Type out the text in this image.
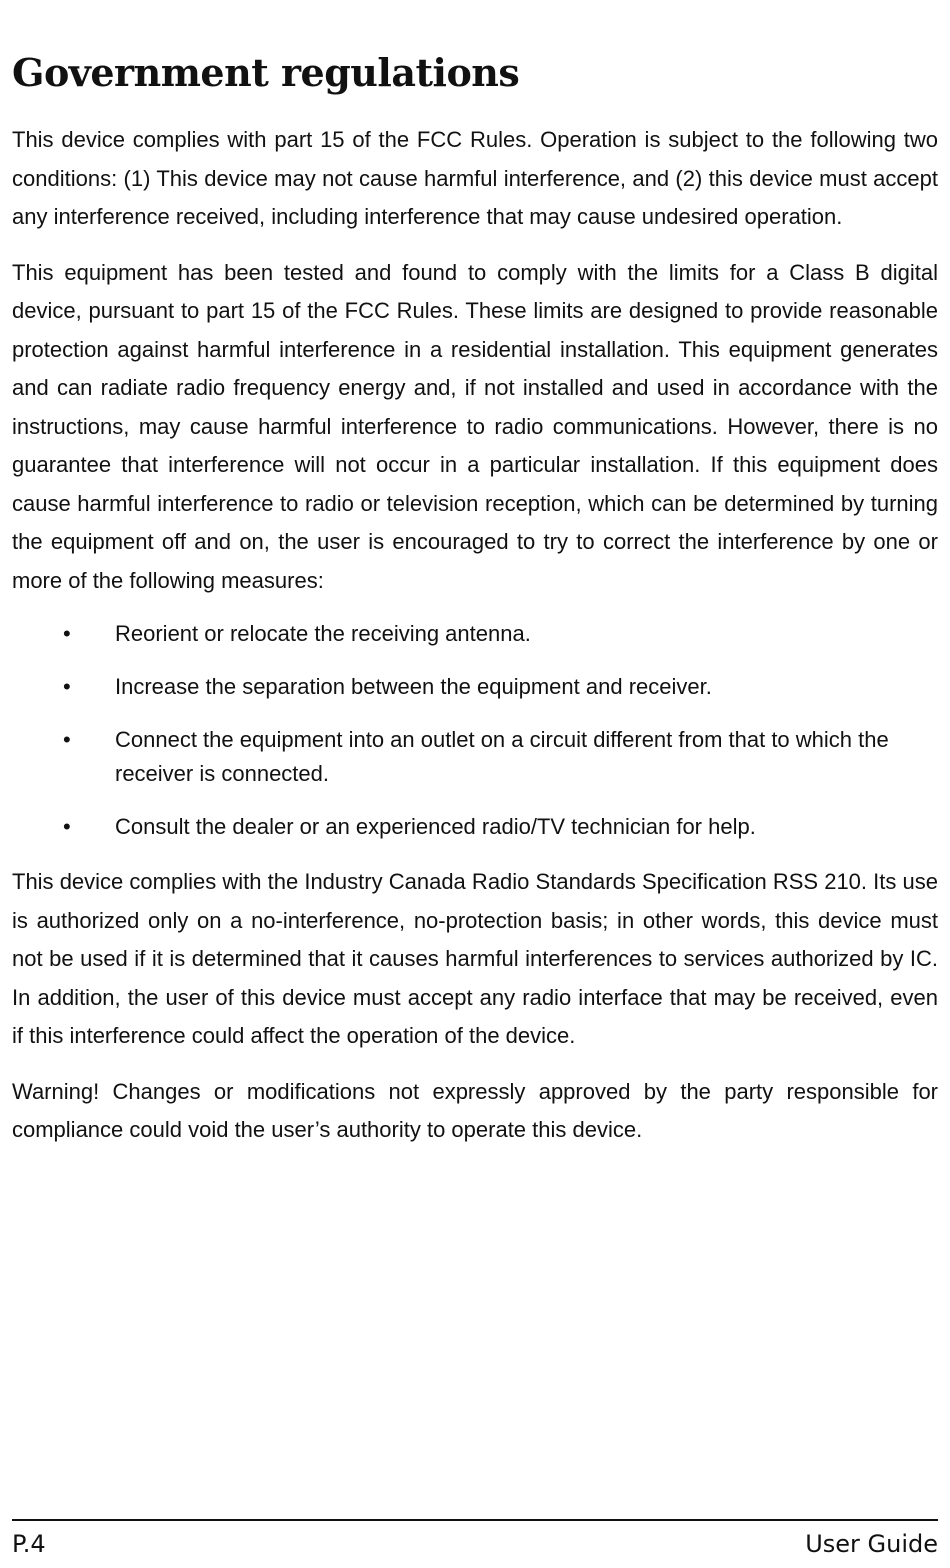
Government regulations

This device complies with part 15 of the FCC Rules. Operation is subject to the following two conditions: (1) This device may not cause harmful interference, and (2) this device must accept any interference received, including interference that may cause undesired operation.

This equipment has been tested and found to comply with the limits for a Class B digital device, pursuant to part 15 of the FCC Rules. These limits are designed to provide reasonable protection against harmful interference in a residential installation. This equipment generates and can radiate radio frequency energy and, if not installed and used in accordance with the instructions, may cause harmful interference to radio communications. However, there is no guarantee that interference will not occur in a particular installation. If this equipment does cause harmful interference to radio or television reception, which can be determined by turning the equipment off and on, the user is encouraged to try to correct the interference by one or more of the following measures:

• Reorient or relocate the receiving antenna.
• Increase the separation between the equipment and receiver.
• Connect the equipment into an outlet on a circuit different from that to which the receiver is connected.
• Consult the dealer or an experienced radio/TV technician for help.

This device complies with the Industry Canada Radio Standards Specification RSS 210. Its use is authorized only on a no-interference, no-protection basis; in other words, this device must not be used if it is determined that it causes harmful interferences to services authorized by IC. In addition, the user of this device must accept any radio interface that may be received, even if this interference could affect the operation of the device.

Warning! Changes or modifications not expressly approved by the party responsible for compliance could void the user’s authority to operate this device.

P.4	User Guide
